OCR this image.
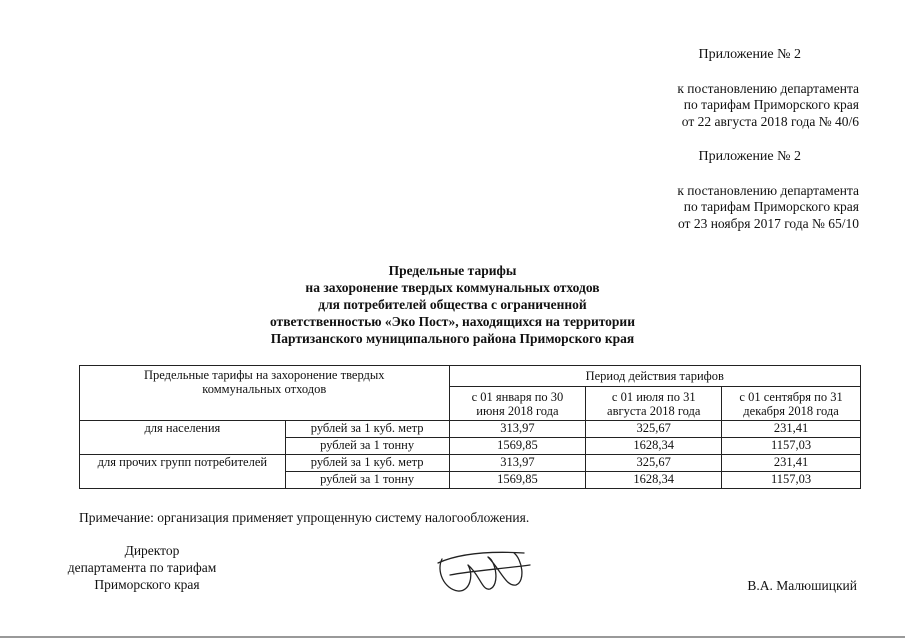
Приложение № 2
к постановлению департамента
по тарифам Приморского края
от 22 августа 2018 года № 40/6
Приложение № 2
к постановлению департамента
по тарифам Приморского края
от 23 ноября 2017 года № 65/10
Предельные тарифы
на захоронение твердых коммунальных отходов
для потребителей общества с ограниченной
ответственностью «Эко Пост», находящихся на территории
Партизанского муниципального района Приморского края
Предельные тарифы на захоронение твердых коммунальных отходов		Период действия тарифов		
		с 01 января по 30 июня 2018 года	с 01 июля по 31 августа 2018 года	с 01 сентября по 31 декабря 2018 года
для населения	рублей за 1 куб. метр	313,97	325,67	231,41
	рублей за 1 тонну	1569,85	1628,34	1157,03
для прочих групп потребителей	рублей за 1 куб. метр	313,97	325,67	231,41
	рублей за 1 тонну	1569,85	1628,34	1157,03
Примечание: организация применяет упрощенную систему налогообложения.
Директор
департамента по тарифам
Приморского края	В.А. Малюшицкий
